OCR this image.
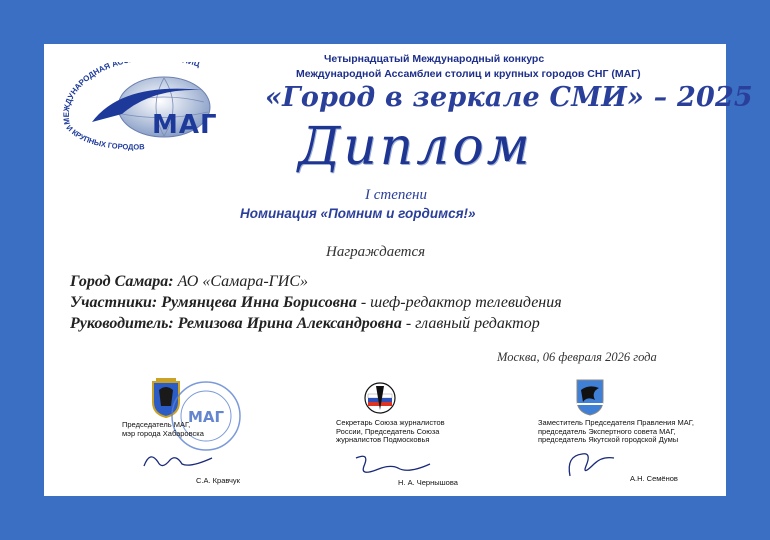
МЕЖДУНАРОДНАЯ АС Ц
И КРУПНЫХ ГОРОДОВ
МАГ
Четырнадцатый Международный конкурс
Международной Ассамблеи столиц и крупных городов СНГ (МАГ)
«Город в зеркале СМИ» – 2025
Диплом
I степени
Номинация «Помним и гордимся!»
Награждается
Город Самара: АО «Самара-ГИС»
Участники: Румянцева Инна Борисовна - шеф-редактор телевидения
Руководитель: Ремизова Ирина Александровна - главный редактор
Москва, 06 февраля 2026 года
МАГ
Председатель МАГ,
мэр города Хабаровска
С.А. Кравчук
Секретарь Союза журналистов
России, Председатель Союза
журналистов Подмосковья
Н. А. Чернышова
Заместитель Председателя Правления МАГ,
председатель Экспертного совета МАГ,
председатель Якутской городской Думы
А.Н. Семёнов
